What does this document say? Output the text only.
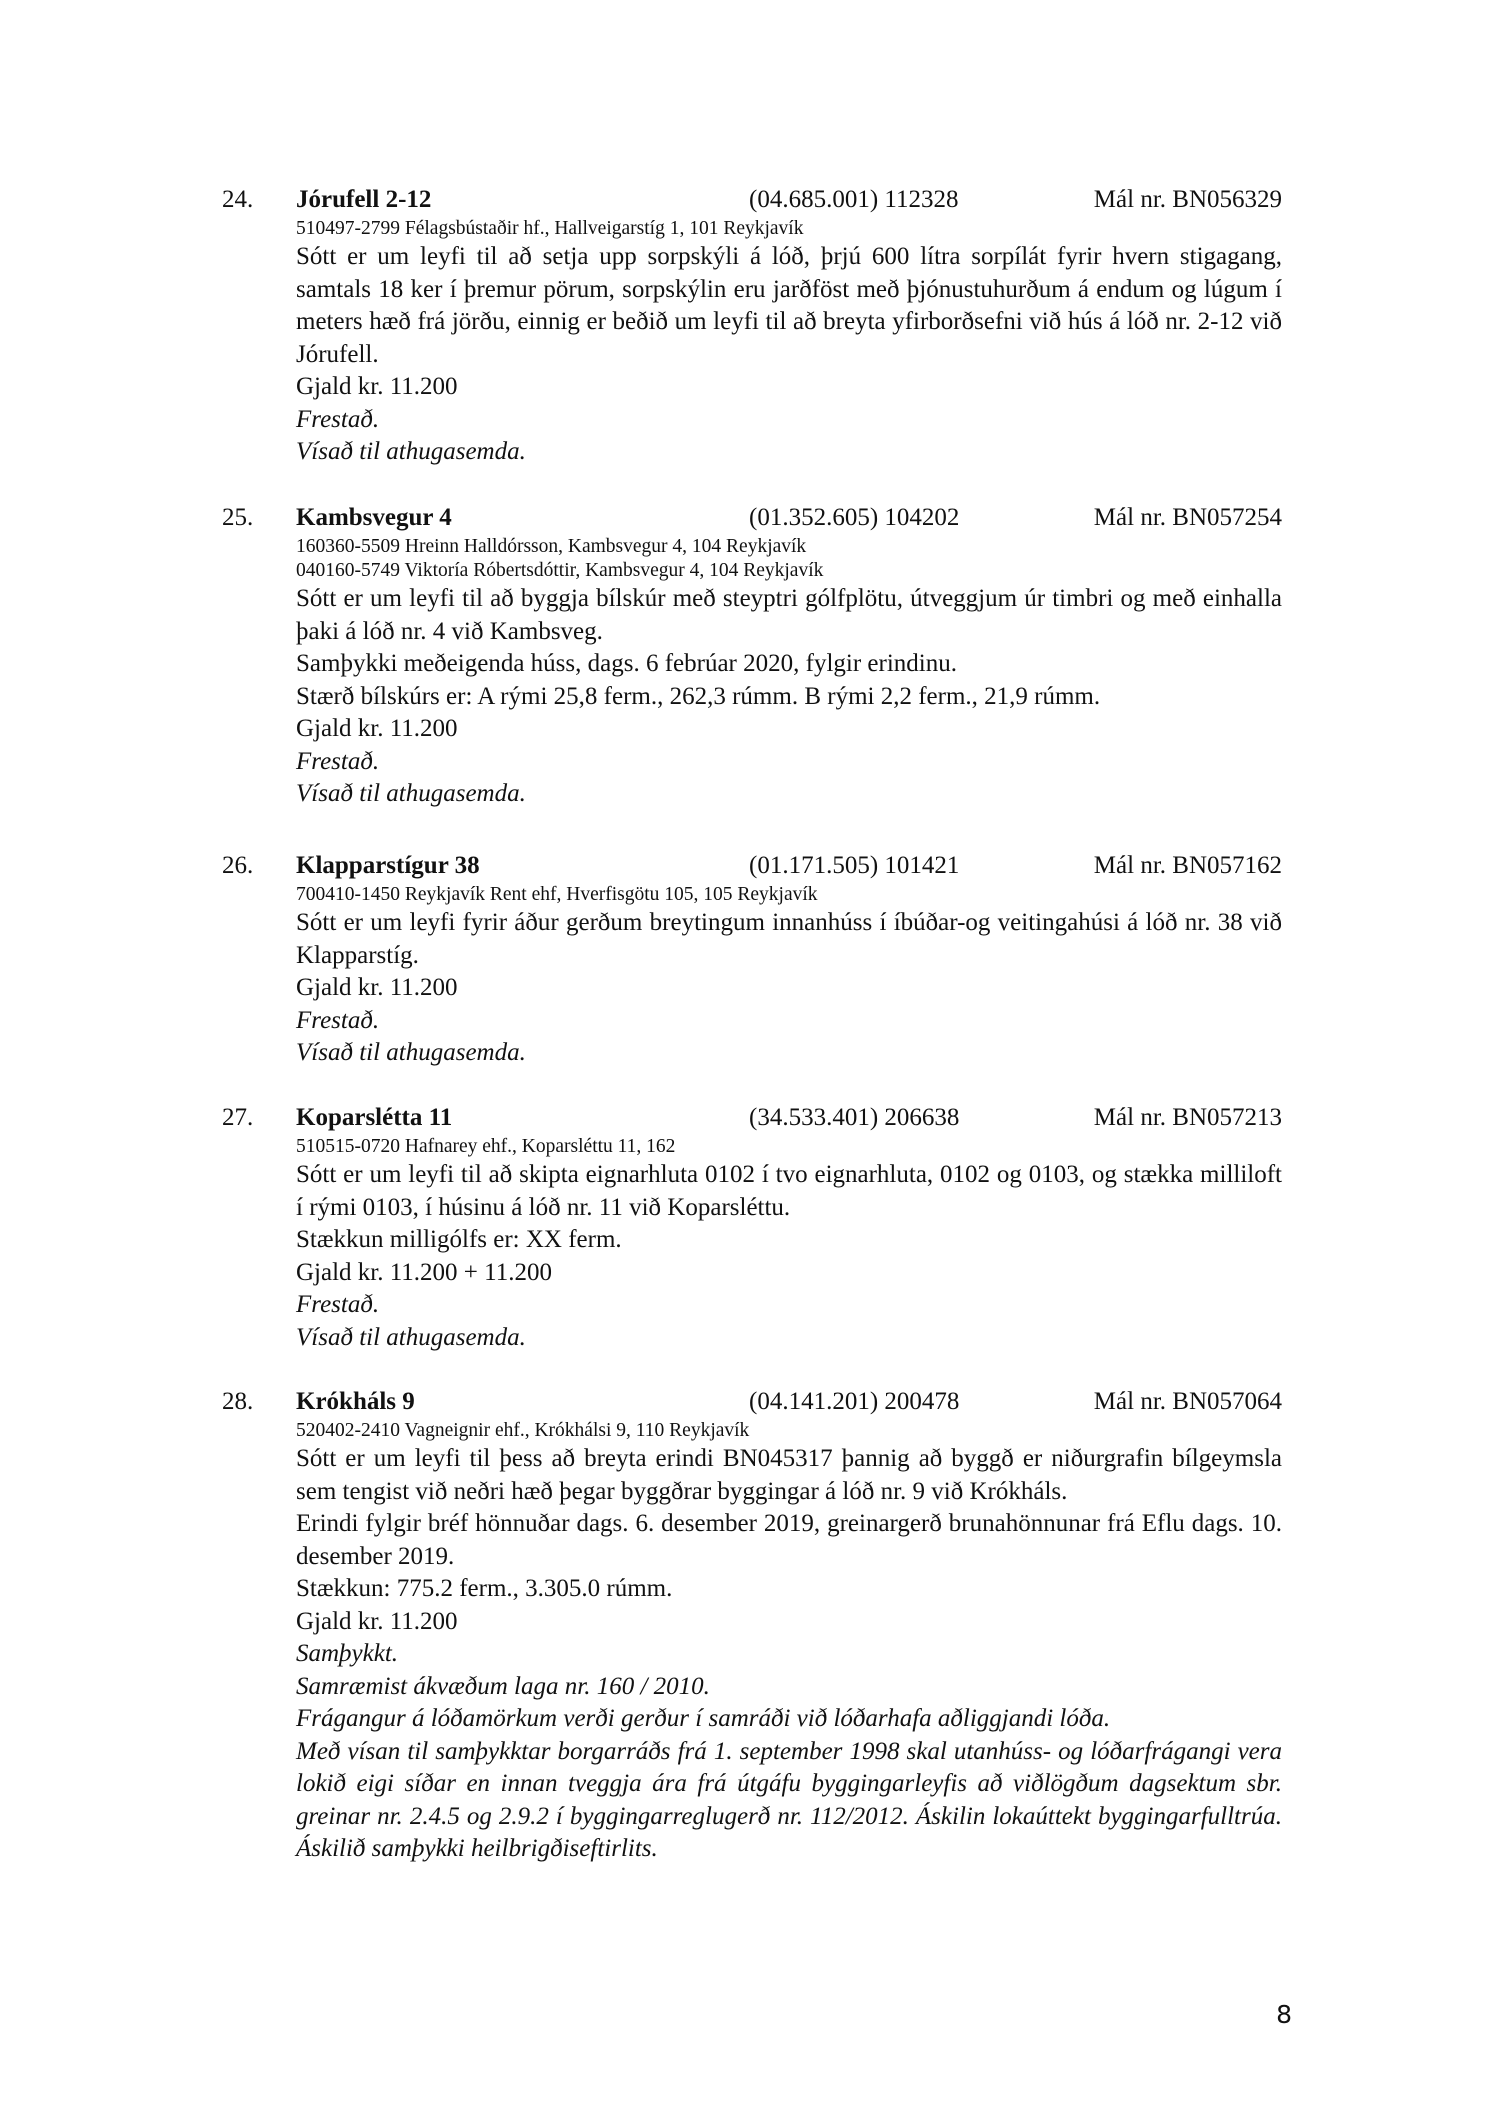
24. Jórufell 2-12	(04.685.001) 112328	Mál nr. BN056329
510497-2799 Félagsbústaðir hf., Hallveigarstíg 1, 101 Reykjavík
Sótt er um leyfi til að setja upp sorpskýli á lóð, þrjú 600 lítra sorpílát fyrir hvern stigagang, samtals 18 ker í þremur pörum, sorpskýlin eru jarðföst með þjónustuhurðum á endum og lúgum í meters hæð frá jörðu, einnig er beðið um leyfi til að breyta yfirborðsefni við hús á lóð nr. 2-12 við Jórufell.
Gjald kr. 11.200
Frestað.
Vísað til athugasemda.
25. Kambsvegur 4	(01.352.605) 104202	Mál nr. BN057254
160360-5509 Hreinn Halldórsson, Kambsvegur 4, 104 Reykjavík
040160-5749 Viktoría Róbertsdóttir, Kambsvegur 4, 104 Reykjavík
Sótt er um leyfi til að byggja bílskúr með steyptri gólfplötu, útveggjum úr timbri og með einhalla þaki á lóð nr. 4 við Kambsveg.
Samþykki meðeigenda húss, dags. 6 febrúar 2020, fylgir erindinu.
Stærð bílskúrs er: A rými 25,8 ferm., 262,3 rúmm. B rými 2,2 ferm., 21,9 rúmm.
Gjald kr. 11.200
Frestað.
Vísað til athugasemda.
26. Klapparstígur 38	(01.171.505) 101421	Mál nr. BN057162
700410-1450 Reykjavík Rent ehf, Hverfisgötu 105, 105 Reykjavík
Sótt er um leyfi fyrir áður gerðum breytingum innanhúss í íbúðar-og veitingahúsi á lóð nr. 38 við Klapparstíg.
Gjald kr. 11.200
Frestað.
Vísað til athugasemda.
27. Koparslétta 11	(34.533.401) 206638	Mál nr. BN057213
510515-0720 Hafnarey ehf., Koparsléttu 11, 162
Sótt er um leyfi til að skipta eignarhluta 0102 í tvo eignarhluta, 0102 og 0103, og stækka milliloft í rými 0103, í húsinu á lóð nr. 11 við Koparsléttu.
Stækkun milligólfs er: XX ferm.
Gjald kr. 11.200 + 11.200
Frestað.
Vísað til athugasemda.
28. Krókháls 9	(04.141.201) 200478	Mál nr. BN057064
520402-2410 Vagneignir ehf., Krókhálsi 9, 110 Reykjavík
Sótt er um leyfi til þess að breyta erindi BN045317 þannig að byggð er niðurgrafin bílgeymsla sem tengist við neðri hæð þegar byggðrar byggingar á lóð nr. 9 við Krókháls.
Erindi fylgir bréf hönnuðar dags. 6. desember 2019, greinargerð brunahönnunar frá Eflu dags. 10. desember 2019.
Stækkun: 775.2 ferm., 3.305.0 rúmm.
Gjald kr. 11.200
Samþykkt.
Samræmist ákvæðum laga nr. 160 / 2010.
Frágangur á lóðamörkum verði gerður í samráði við lóðarhafa aðliggjandi lóða.
Með vísan til samþykktar borgarráðs frá 1. september 1998 skal utanhúss- og lóðarfrágangi vera lokið eigi síðar en innan tveggja ára frá útgáfu byggingarleyfis að viðlögðum dagsektum sbr. greinar nr. 2.4.5 og 2.9.2 í byggingarreglugerð nr. 112/2012. Áskilin lokaúttekt byggingarfulltrúa. Áskilið samþykki heilbrigðiseftirlits.
8
